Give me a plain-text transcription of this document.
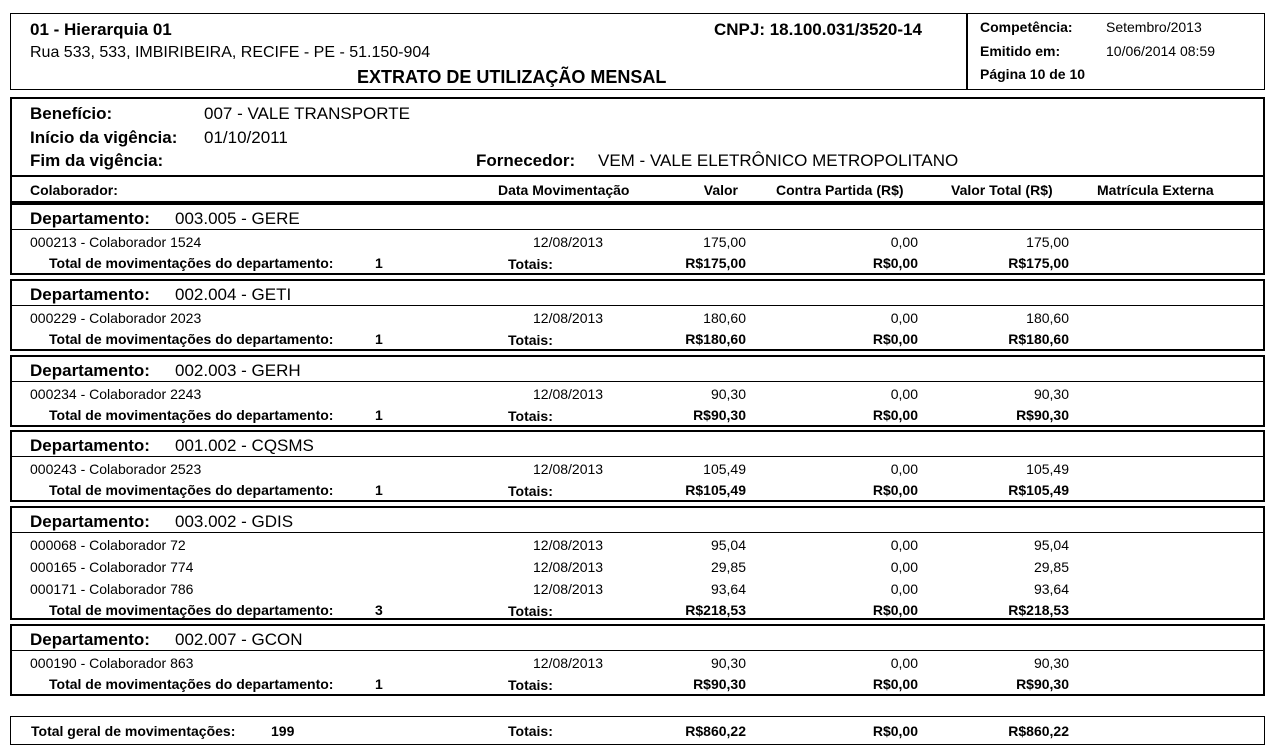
01 - Hierarquia 01
Rua 533, 533, IMBIRIBEIRA, RECIFE - PE - 51.150-904
EXTRATO DE UTILIZAÇÃO MENSAL
CNPJ: 18.100.031/3520-14	Competência: Setembro/2013
Emitido em:	10/06/2014 08:59
Página 10 de 10
Benefício:	007 - VALE TRANSPORTE
Início da vigência: 01/10/2011
Fim da vigência:	Fornecedor: VEM - VALE ELETRÔNICO METROPOLITANO
Colaborador:	Data Movimentação	Valor	Contra Partida (R$)	Valor Total (R$)	Matrícula Externa
Departamento: 003.005 - GERE
000213 - Colaborador 1524	12/08/2013	175,00	0,00	175,00
Total de movimentações do departamento:	1	Totais:	R$175,00	R$0,00	R$175,00
Departamento: 002.004 - GETI
000229 - Colaborador 2023	12/08/2013	180,60	0,00	180,60
Total de movimentações do departamento:	1	Totais:	R$180,60	R$0,00	R$180,60
Departamento: 002.003 - GERH
000234 - Colaborador 2243	12/08/2013	90,30	0,00	90,30
Total de movimentações do departamento:	1	Totais:	R$90,30	R$0,00	R$90,30
Departamento: 001.002 - CQSMS
000243 - Colaborador 2523	12/08/2013	105,49	0,00	105,49
Total de movimentações do departamento:	1	Totais:	R$105,49	R$0,00	R$105,49
Departamento: 003.002 - GDIS
000068 - Colaborador 72	12/08/2013	95,04	0,00	95,04
000165 - Colaborador 774	12/08/2013	29,85	0,00	29,85
000171 - Colaborador 786	12/08/2013	93,64	0,00	93,64
Total de movimentações do departamento:	3	Totais:	R$218,53	R$0,00	R$218,53
Departamento: 002.007 - GCON
000190 - Colaborador 863	12/08/2013	90,30	0,00	90,30
Total de movimentações do departamento:	1	Totais:	R$90,30	R$0,00	R$90,30
Total geral de movimentações:	199	Totais:	R$860,22	R$0,00	R$860,22
